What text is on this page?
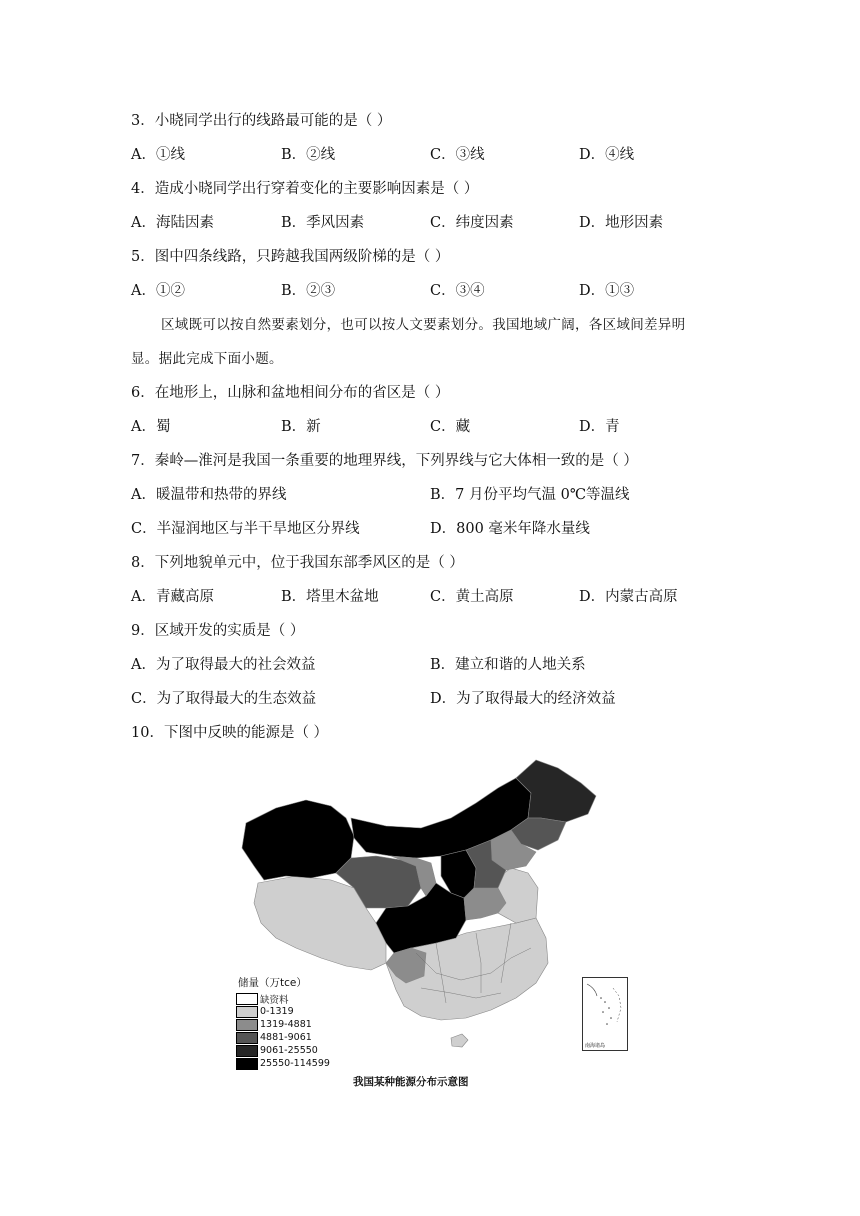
3．小晓同学出行的线路最可能的是（ ）
A．①线	B．②线	C．③线	D．④线
4．造成小晓同学出行穿着变化的主要影响因素是（ ）
A．海陆因素	B．季风因素	C．纬度因素	D．地形因素
5．图中四条线路，只跨越我国两级阶梯的是（ ）
A．①②	B．②③	C．③④	D．①③
区域既可以按自然要素划分，也可以按人文要素划分。我国地域广阔，各区域间差异明
显。据此完成下面小题。
6．在地形上，山脉和盆地相间分布的省区是（ ）
A．蜀	B．新	C．藏	D．青
7．秦岭—淮河是我国一条重要的地理界线，下列界线与它大体相一致的是（ ）
A．暖温带和热带的界线	B．7 月份平均气温 0℃等温线
C．半湿润地区与半干旱地区分界线	D．800 毫米年降水量线
8．下列地貌单元中，位于我国东部季风区的是（ ）
A．青藏高原	B．塔里木盆地	C．黄土高原	D．内蒙古高原
9．区域开发的实质是（ ）
A．为了取得最大的社会效益	B．建立和谐的人地关系
C．为了取得最大的生态效益	D．为了取得最大的经济效益
10．下图中反映的能源是（ ）
储量（万tce）
缺资料
0-1319
1319-4881
4881-9061
9061-25550
25550-114599
南海诸岛
我国某种能源分布示意图
